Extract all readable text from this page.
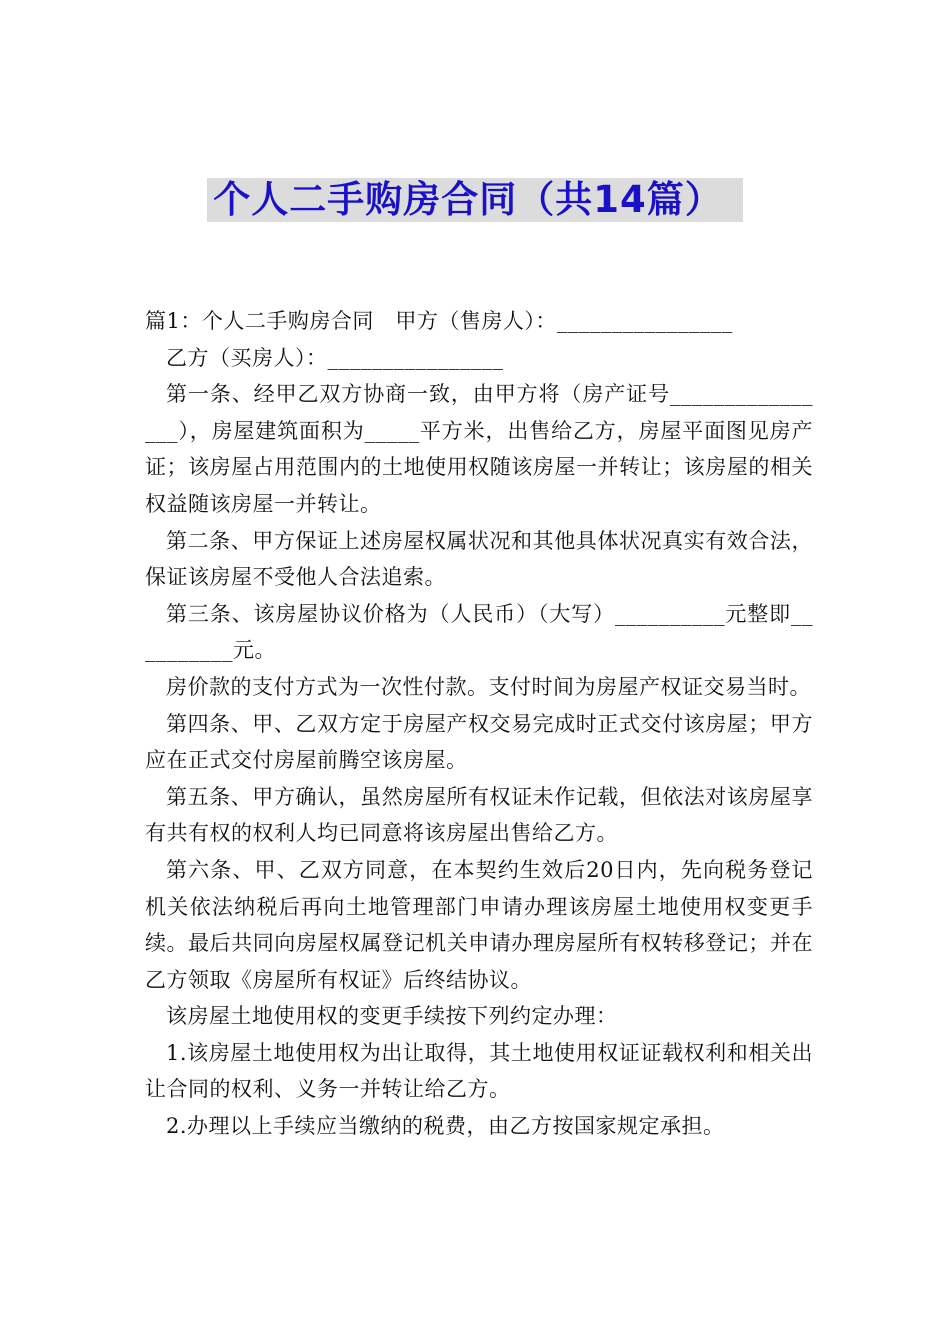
个人二手购房合同（共14篇）

篇1：个人二手购房合同　甲方（售房人）：________________

乙方（买房人）：________________

第一条、经甲乙双方协商一致，由甲方将（房产证号________________），房屋建筑面积为_____平方米，出售给乙方，房屋平面图见房产证；该房屋占用范围内的土地使用权随该房屋一并转让；该房屋的相关权益随该房屋一并转让。

第二条、甲方保证上述房屋权属状况和其他具体状况真实有效合法，保证该房屋不受他人合法追索。

第三条、该房屋协议价格为（人民币）（大写）__________元整即__________元。

房价款的支付方式为一次性付款。支付时间为房屋产权证交易当时。

第四条、甲、乙双方定于房屋产权交易完成时正式交付该房屋；甲方应在正式交付房屋前腾空该房屋。

第五条、甲方确认，虽然房屋所有权证未作记载，但依法对该房屋享有共有权的权利人均已同意将该房屋出售给乙方。

第六条、甲、乙双方同意，在本契约生效后20日内，先向税务登记机关依法纳税后再向土地管理部门申请办理该房屋土地使用权变更手续。最后共同向房屋权属登记机关申请办理房屋所有权转移登记；并在乙方领取《房屋所有权证》后终结协议。

该房屋土地使用权的变更手续按下列约定办理：

1.该房屋土地使用权为出让取得，其土地使用权证证载权利和相关出让合同的权利、义务一并转让给乙方。

2.办理以上手续应当缴纳的税费，由乙方按国家规定承担。
